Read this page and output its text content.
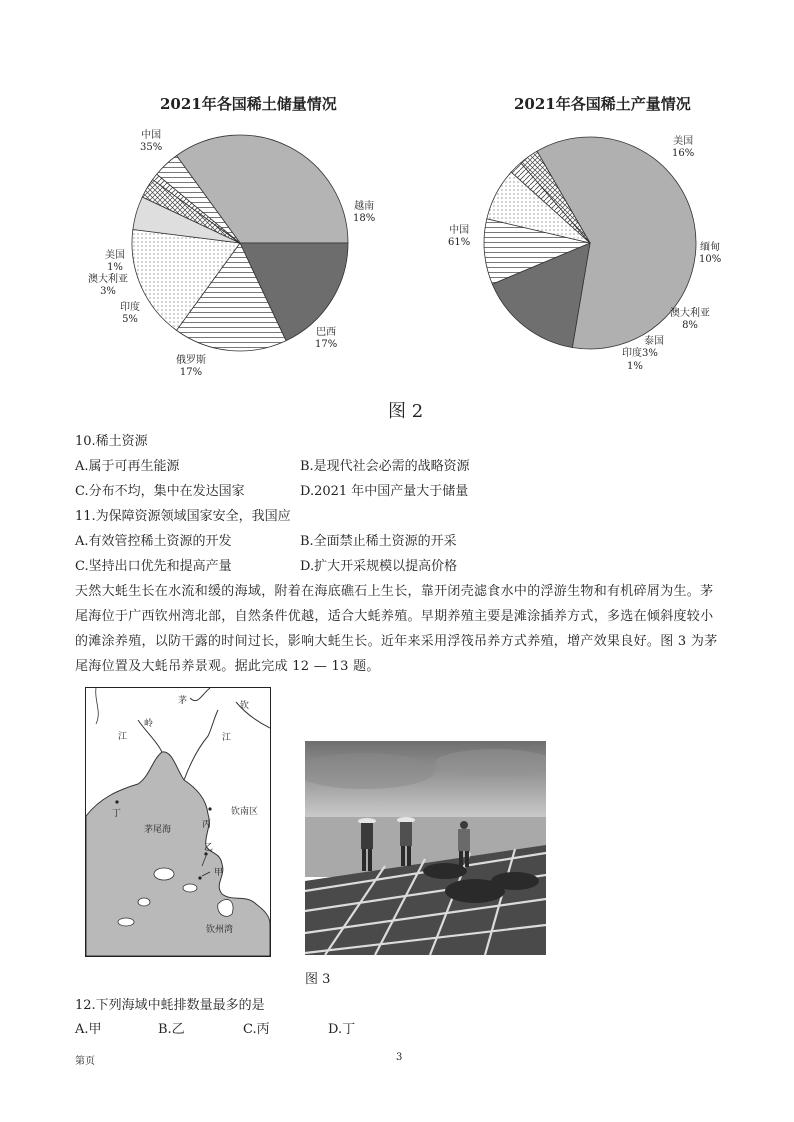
2021年各国稀土储量情况	2021年各国稀土产量情况
中国
35%
越南
18%
巴西
17%
俄罗斯
17%
印度
5%
澳大利亚
3%
美国
1%
中国
61%
美国
16%
缅甸
10%
澳大利亚
8%
泰国
印度3%
1%
图 2
10.稀土资源
A.属于可再生能源	B.是现代社会必需的战略资源
C.分布不均，集中在发达国家	D.2021 年中国产量大于储量
11.为保障资源领域国家安全，我国应
A.有效管控稀土资源的开发	B.全面禁止稀土资源的开采
C.坚持出口优先和提高产量	D.扩大开采规模以提高价格
天然大蚝生长在水流和缓的海域，附着在海底礁石上生长，靠开闭壳滤食水中的浮游生物和有机碎屑为生。茅尾海位于广西钦州湾北部，自然条件优越，适合大蚝养殖。早期养殖主要是滩涂插养方式，多选在倾斜度较小的滩涂养殖，以防干露的时间过长，影响大蚝生长。近年来采用浮筏吊养方式养殖，增产效果良好。图 3 为茅尾海位置及大蚝吊养景观。据此完成 12 — 13 题。
茅
岭
江
钦
江
钦南区
茅尾海
丁
丙
乙
甲
钦州湾
图 3
12.下列海域中蚝排数量最多的是
A.甲	B.乙	C.丙	D.丁
第页	3
